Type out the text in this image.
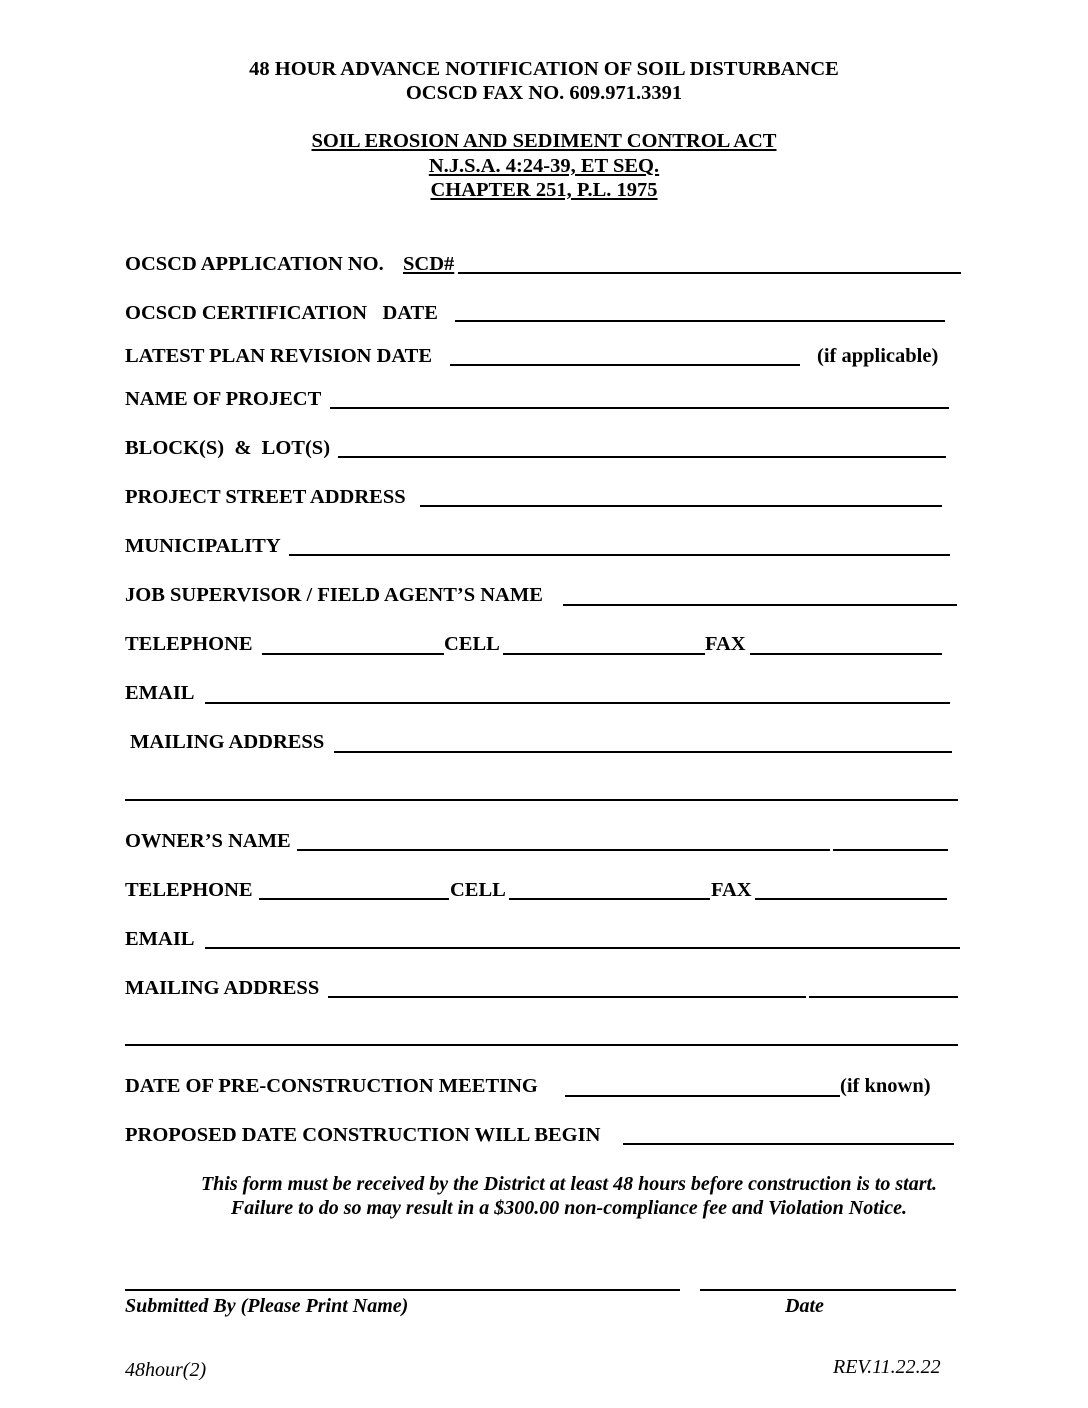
48 HOUR ADVANCE NOTIFICATION OF SOIL DISTURBANCE
OCSCD FAX NO. 609.971.3391
SOIL EROSION AND SEDIMENT CONTROL ACT
N.J.S.A. 4:24-39, ET SEQ.
CHAPTER 251, P.L. 1975
OCSCD APPLICATION NO. SCD#
OCSCD CERTIFICATION   DATE
LATEST PLAN REVISION DATE	(if applicable)
NAME OF PROJECT
BLOCK(S)  &  LOT(S)
PROJECT STREET ADDRESS
MUNICIPALITY
JOB SUPERVISOR / FIELD AGENT’S NAME
TELEPHONE	CELL	FAX
EMAIL
MAILING ADDRESS
OWNER’S NAME
TELEPHONE	CELL	FAX
EMAIL
MAILING ADDRESS
DATE OF PRE-CONSTRUCTION MEETING	(if known)
PROPOSED DATE CONSTRUCTION WILL BEGIN
This form must be received by the District at least 48 hours before construction is to start.
Failure to do so may result in a $300.00 non-compliance fee and Violation Notice.
Submitted By (Please Print Name)	Date
48hour(2)	REV.11.22.22
